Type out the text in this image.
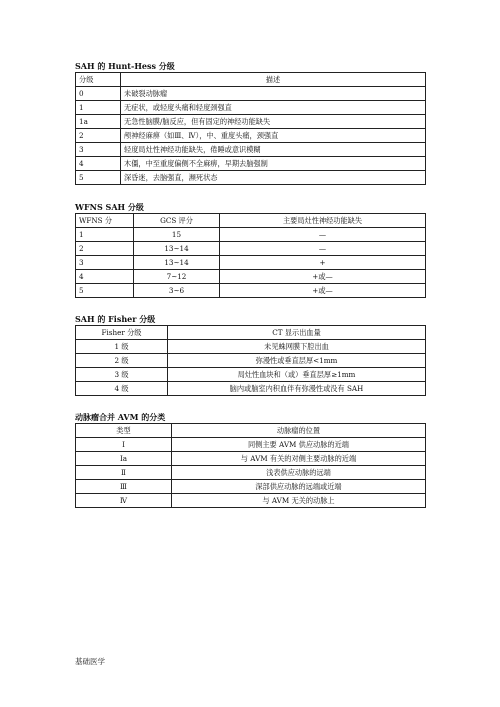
SAH 的 Hunt-Hess 分级
分级	描述
0	未破裂动脉瘤
1	无症状，或轻度头痛和轻度颈强直
1a	无急性脑膜/脑反应，但有固定的神经功能缺失
2	颅神经麻痹（如Ⅲ、Ⅳ），中、重度头痛，颈强直
3	轻度局灶性神经功能缺失，倦睡或意识模糊
4	木僵，中至重度偏侧不全麻痹，早期去脑强制
5	深昏迷，去脑强直，濒死状态
WFNS SAH 分级
WFNS 分	GCS 评分	主要局灶性神经功能缺失
1	15	—
2	13~14	—
3	13~14	+
4	7~12	+或—
5	3~6	+或—
SAH 的 Fisher 分级
Fisher 分级	CT 显示出血量
1 级	未见蛛网膜下腔出血
2 级	弥漫性或垂直层厚<1mm
3 级	局灶性血块和（或）垂直层厚≥1mm
4 级	脑内或脑室内积血伴有弥漫性或没有 SAH
动脉瘤合并 AVM 的分类
类型	动脉瘤的位置
Ⅰ	同侧主要 AVM 供应动脉的近端
Ⅰa	与 AVM 有关的对侧主要动脉的近端
Ⅱ	浅表供应动脉的远端
Ⅲ	深部供应动脉的远端或近端
Ⅳ	与 AVM 无关的动脉上
基础医学
